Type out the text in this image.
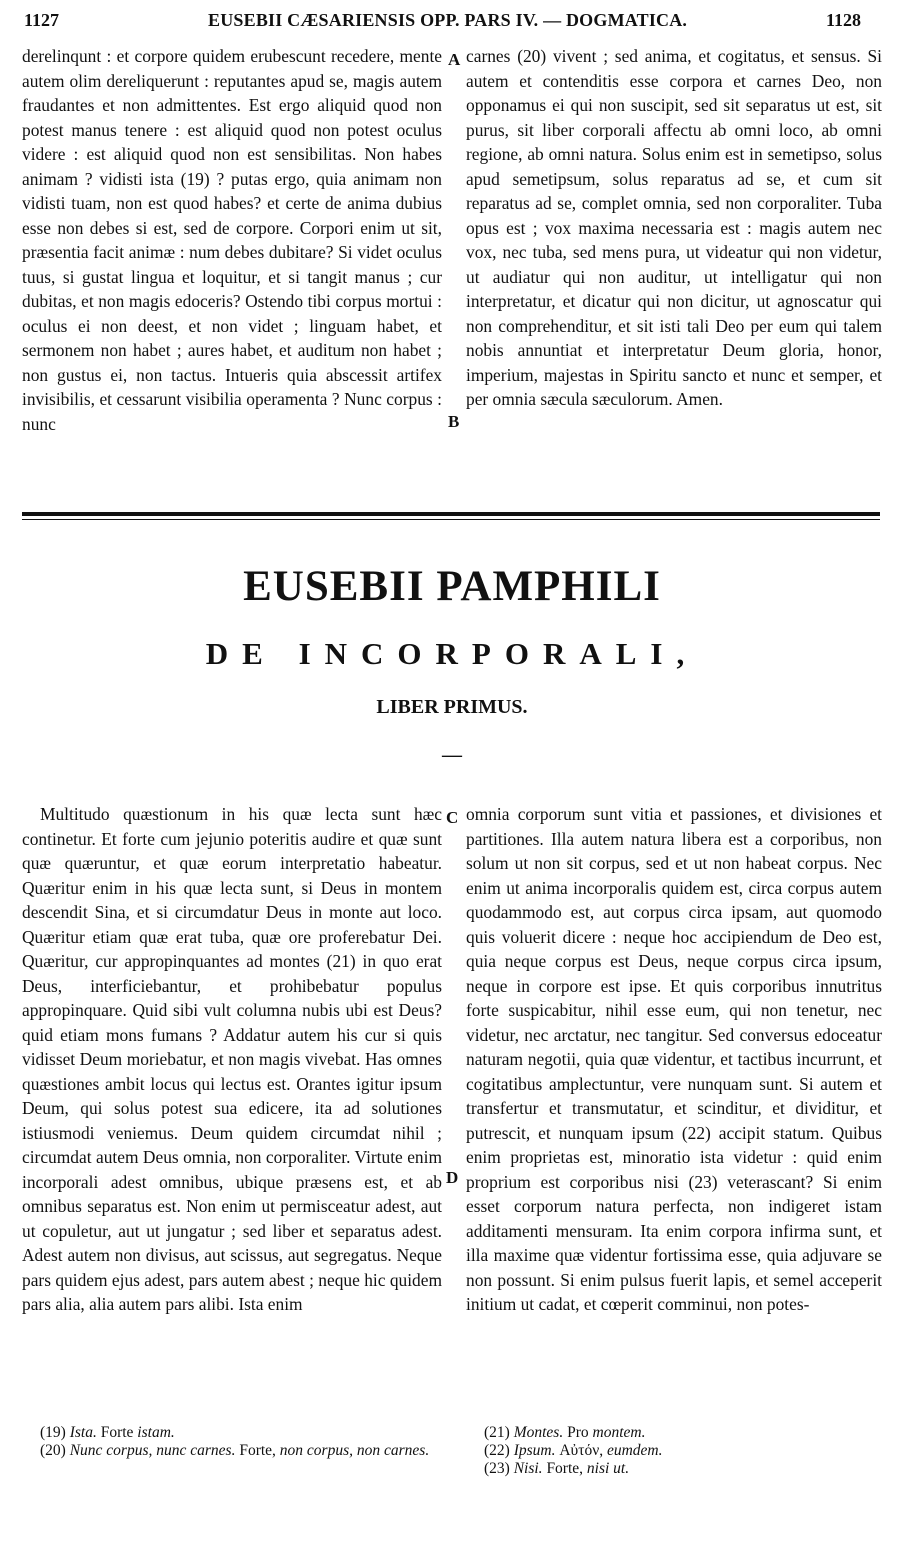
1127	EUSEBII CÆSARIENSIS OPP. PARS IV. — DOGMATICA.	1128

derelinqunt : et corpore quidem erubescunt recedere, mente autem olim dereliquerunt : reputantes apud se, magis autem fraudantes et non admittentes. Est ergo aliquid quod non potest manus tenere : est aliquid quod non potest oculus videre : est aliquid quod non est sensibilitas. Non habes animam ? vidisti ista (19) ? putas ergo, quia animam non vidisti tuam, non est quod habes? et certe de anima dubius esse non debes si est, sed de corpore. Corpori enim ut sit, præsentia facit animæ : num debes dubitare? Si videt oculus tuus, si gustat lingua et loquitur, et si tangit manus ; cur dubitas, et non magis edoceris? Ostendo tibi corpus mortui : oculus ei non deest, et non videt ; linguam habet, et sermonem non habet ; aures habet, et auditum non habet ; non gustus ei, non tactus. Intueris quia abscessit artifex invisibilis, et cessarunt visibilia operamenta ? Nunc corpus : nunc

A
B

carnes (20) vivent ; sed anima, et cogitatus, et sensus. Si autem et contenditis esse corpora et carnes Deo, non opponamus ei qui non suscipit, sed sit separatus ut est, sit purus, sit liber corporali affectu ab omni loco, ab omni regione, ab omni natura. Solus enim est in semetipso, solus apud semetipsum, solus reparatus ad se, et cum sit reparatus ad se, complet omnia, sed non corporaliter. Tuba opus est ; vox maxima necessaria est : magis autem nec vox, nec tuba, sed mens pura, ut videatur qui non videtur, ut audiatur qui non auditur, ut intelligatur qui non interpretatur, et dicatur qui non dicitur, ut agnoscatur qui non comprehenditur, et sit isti tali Deo per eum qui talem nobis annuntiat et interpretatur Deum gloria, honor, imperium, majestas in Spiritu sancto et nunc et semper, et per omnia sæcula sæculorum. Amen.

EUSEBII PAMPHILI
DE INCORPORALI,
LIBER PRIMUS.
—

Multitudo quæstionum in his quæ lecta sunt hæc continetur. Et forte cum jejunio poteritis audire et quæ sunt quæ quæruntur, et quæ eorum interpretatio habeatur. Quæritur enim in his quæ lecta sunt, si Deus in montem descendit Sina, et si circumdatur Deus in monte aut loco. Quæritur etiam quæ erat tuba, quæ ore proferebatur Dei. Quæritur, cur appropinquantes ad montes (21) in quo erat Deus, interficiebantur, et prohibebatur populus appropinquare. Quid sibi vult columna nubis ubi est Deus? quid etiam mons fumans ? Addatur autem his cur si quis vidisset Deum moriebatur, et non magis vivebat. Has omnes quæstiones ambit locus qui lectus est. Orantes igitur ipsum Deum, qui solus potest sua edicere, ita ad solutiones istiusmodi veniemus. Deum quidem circumdat nihil ; circumdat autem Deus omnia, non corporaliter. Virtute enim incorporali adest omnibus, ubique præsens est, et ab omnibus separatus est. Non enim ut permisceatur adest, aut ut copuletur, aut ut jungatur ; sed liber et separatus adest. Adest autem non divisus, aut scissus, aut segregatus. Neque pars quidem ejus adest, pars autem abest ; neque hic quidem pars alia, alia autem pars alibi. Ista enim

C
D

omnia corporum sunt vitia et passiones, et divisiones et partitiones. Illa autem natura libera est a corporibus, non solum ut non sit corpus, sed et ut non habeat corpus. Nec enim ut anima incorporalis quidem est, circa corpus autem quodammodo est, aut corpus circa ipsam, aut quomodo quis voluerit dicere : neque hoc accipiendum de Deo est, quia neque corpus est Deus, neque corpus circa ipsum, neque in corpore est ipse. Et quis corporibus innutritus forte suspicabitur, nihil esse eum, qui non tenetur, nec videtur, nec arctatur, nec tangitur. Sed conversus edoceatur naturam negotii, quia quæ videntur, et tactibus incurrunt, et cogitatibus amplectuntur, vere nunquam sunt. Si autem et transfertur et transmutatur, et scinditur, et dividitur, et putrescit, et nunquam ipsum (22) accipit statum. Quibus enim proprietas est, minoratio ista videtur : quid enim proprium est corporibus nisi (23) veterascant? Si enim esset corporum natura perfecta, non indigeret istam additamenti mensuram. Ita enim corpora infirma sunt, et illa maxime quæ videntur fortissima esse, quia adjuvare se non possunt. Si enim pulsus fuerit lapis, et semel acceperit initium ut cadat, et cœperit comminui, non potes-

(19) Ista. Forte istam.
(20) Nunc corpus, nunc carnes. Forte, non corpus, non carnes.
(21) Montes. Pro montem.
(22) Ipsum. Αὐτόν, eumdem.
(23) Nisi. Forte, nisi ut.
